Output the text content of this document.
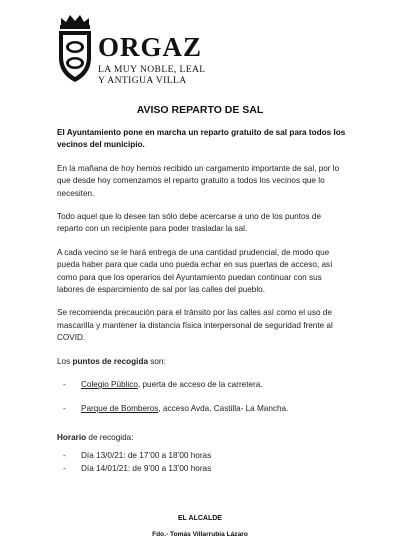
ORGAZ
LA MUY NOBLE, LEAL
Y ANTIGUA VILLA
AVISO REPARTO DE SAL

El Ayuntamiento pone en marcha un reparto gratuito de sal para todos los vecinos del municipio.

En la mañana de hoy hemos recibido un cargamento importante de sal, por lo que desde hoy comenzamos el reparto gratuito a todos los vecinos que lo necesiten.

Todo aquel que lo desee tan sólo debe acercarse a uno de los puntos de reparto con un recipiente para poder trasladar la sal.

A cada vecino se le hará entrega de una cantidad prudencial, de modo que pueda haber para que cada uno pueda echar en sus puertas de acceso, así como para que los operarios del Ayuntamiento puedan continuar con sus labores de esparcimiento de sal por las calles del pueblo.

Se recomienda precaución para el tránsito por las calles así como el uso de mascarilla y mantener la distancia física interpersonal de seguridad frente al COVID.

Los puntos de recogida son:

- Colegio Público, puerta de acceso de la carretera.
- Parque de Bomberos, acceso Avda. Castilla- La Mancha.

Horario de recogida:

- Día 13/0/21: de 17’00 a 18’00 horas
- Día 14/01/21: de 9’00 a 13’00 horas
EL ALCALDE
Fdo.- Tomás Villarrubia Lázaro
